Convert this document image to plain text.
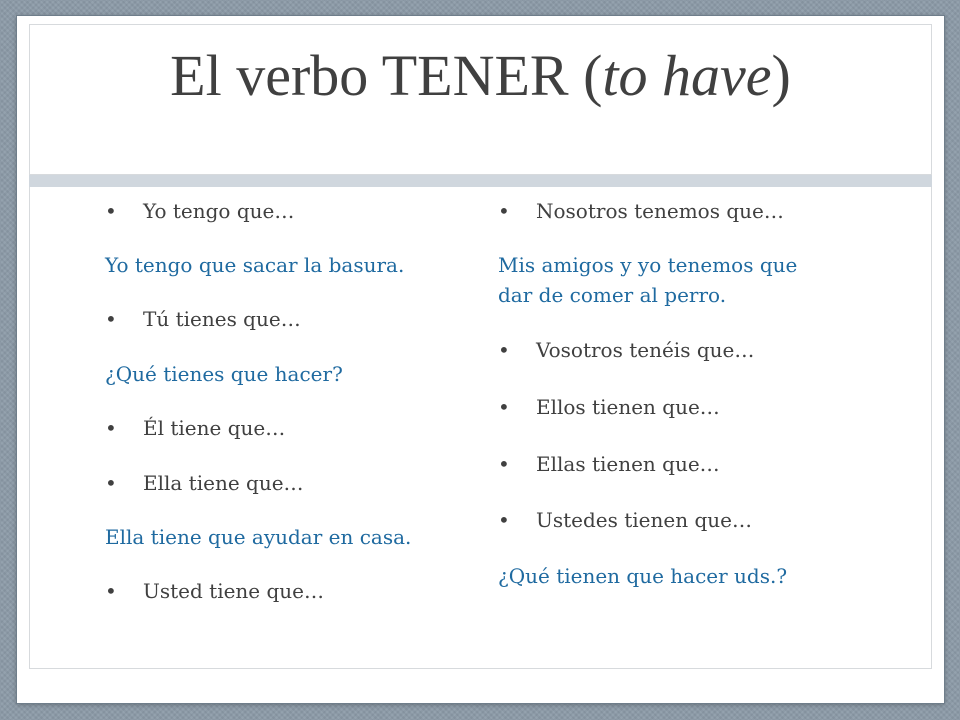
El verbo TENER (to have)

• Yo tengo que…

Yo tengo que sacar la basura.

• Tú tienes que…

¿Qué tienes que hacer?

• Él tiene que…

• Ella tiene que…

Ella tiene que ayudar en casa.

• Usted tiene que…

• Nosotros tenemos que…

Mis amigos y yo tenemos que

dar de comer al perro.

• Vosotros tenéis que…

• Ellos tienen que…

• Ellas tienen que…

• Ustedes tienen que…

¿Qué tienen que hacer uds.?
